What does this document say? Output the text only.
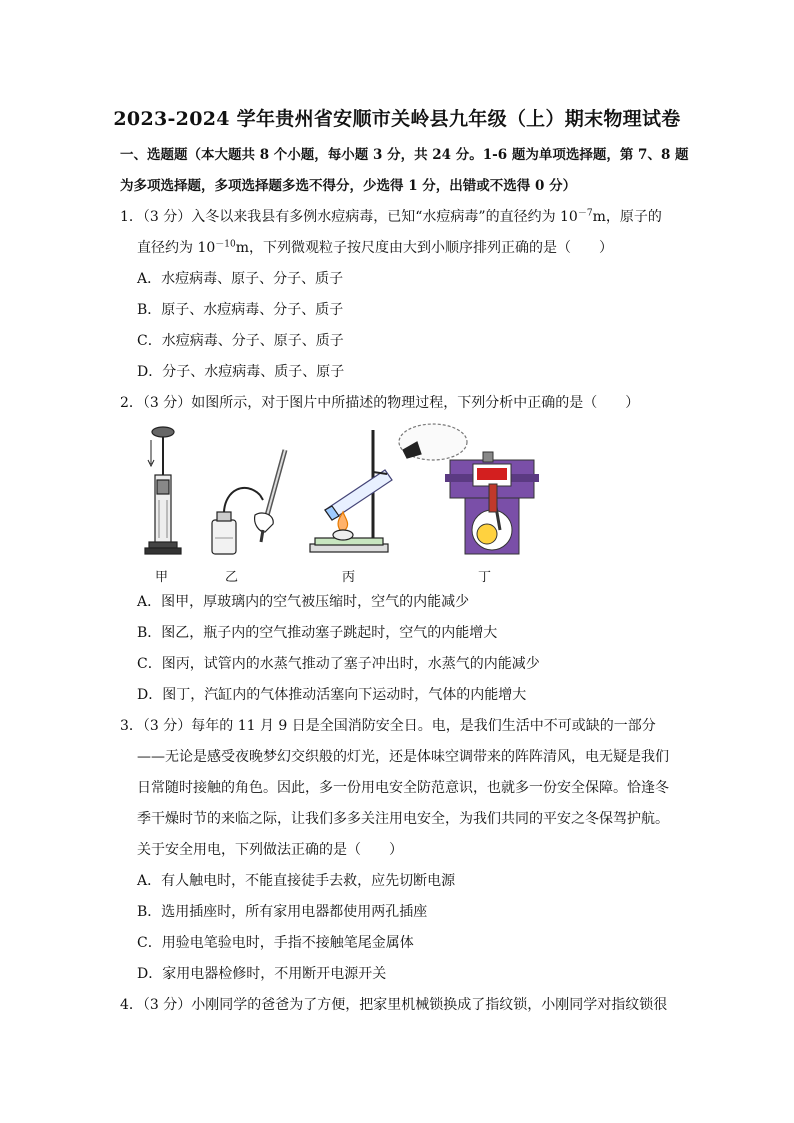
2023-2024 学年贵州省安顺市关岭县九年级（上）期末物理试卷
一、选题题（本大题共 8 个小题，每小题 3 分，共 24 分。1-6 题为单项选择题，第 7、8 题
为多项选择题，多项选择题多选不得分，少选得 1 分，出错或不选得 0 分）
1．（3 分）入冬以来我县有多例水痘病毒，已知“水痘病毒”的直径约为 $10^{-7}m$，原子的
直径约为 $10^{-10}m$，下列微观粒子按尺度由大到小顺序排列正确的是（　　）
A．水痘病毒、原子、分子、质子
B．原子、水痘病毒、分子、质子
C．水痘病毒、分子、原子、质子
D．分子、水痘病毒、质子、原子
2．（3 分）如图所示，对于图片中所描述的物理过程，下列分析中正确的是（　　）
甲	乙	丙	丁
A．图甲，厚玻璃内的空气被压缩时，空气的内能减少
B．图乙，瓶子内的空气推动塞子跳起时，空气的内能增大
C．图丙，试管内的水蒸气推动了塞子冲出时，水蒸气的内能减少
D．图丁，汽缸内的气体推动活塞向下运动时，气体的内能增大
3．（3 分）每年的 11 月 9 日是全国消防安全日。电，是我们生活中不可或缺的一部分
——无论是感受夜晚梦幻交织般的灯光，还是体味空调带来的阵阵清风，电无疑是我们
日常随时接触的角色。因此，多一份用电安全防范意识，也就多一份安全保障。恰逢冬
季干燥时节的来临之际，让我们多多关注用电安全，为我们共同的平安之冬保驾护航。
关于安全用电，下列做法正确的是（　　）
A．有人触电时，不能直接徒手去救，应先切断电源
B．选用插座时，所有家用电器都使用两孔插座
C．用验电笔验电时，手指不接触笔尾金属体
D．家用电器检修时，不用断开电源开关
4．（3 分）小刚同学的爸爸为了方便，把家里机械锁换成了指纹锁，小刚同学对指纹锁很
